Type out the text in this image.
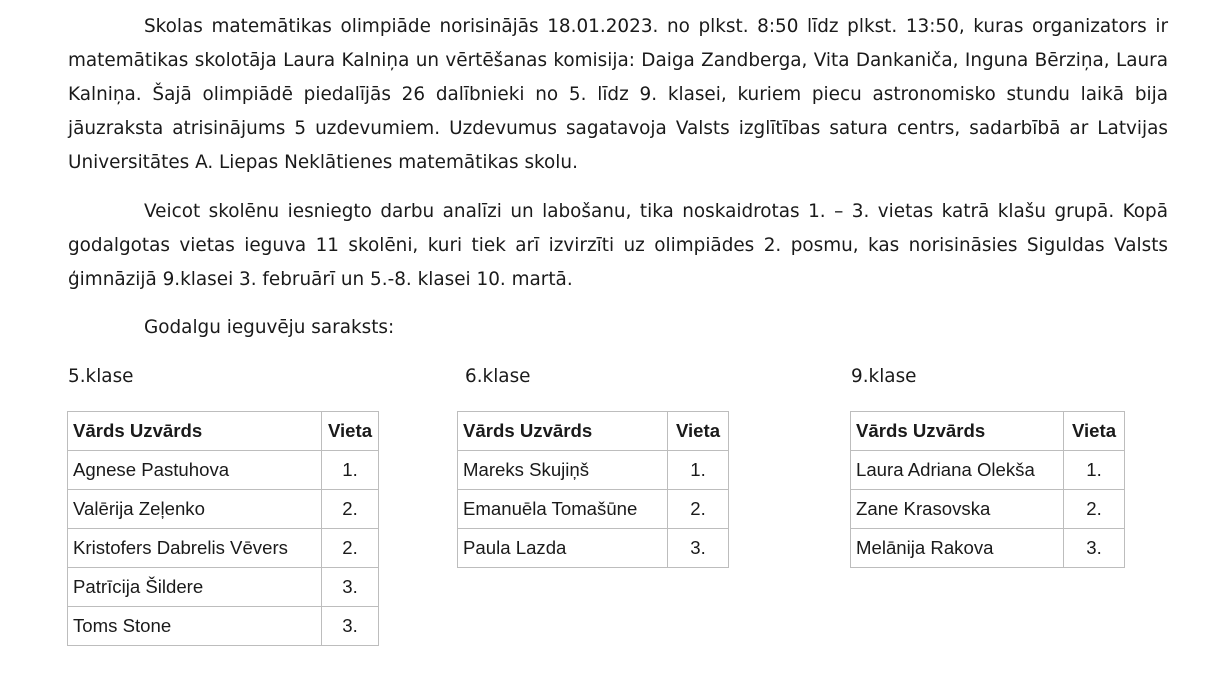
Skolas matemātikas olimpiāde norisinājās 18.01.2023. no plkst. 8:50 līdz plkst. 13:50, kuras organizators ir matemātikas skolotāja Laura Kalniņa un vērtēšanas komisija: Daiga Zandberga, Vita Dankaniča, Inguna Bērziņa, Laura Kalniņa. Šajā olimpiādē piedalījās 26 dalībnieki no 5. līdz 9. klasei, kuriem piecu astronomisko stundu laikā bija jāuzraksta atrisinājums 5 uzdevumiem. Uzdevumus sagatavoja Valsts izglītības satura centrs, sadarbībā ar Latvijas Universitātes A. Liepas Neklātienes matemātikas skolu.

Veicot skolēnu iesniegto darbu analīzi un labošanu, tika noskaidrotas 1. – 3. vietas katrā klašu grupā. Kopā godalgotas vietas ieguva 11 skolēni, kuri tiek arī izvirzīti uz olimpiādes 2. posmu, kas norisināsies Siguldas Valsts ģimnāzijā 9.klasei 3. februārī un 5.-8. klasei 10. martā.

Godalgu ieguvēju saraksts:
5.klase
Vārds Uzvārds	Vieta
Agnese Pastuhova	1.
Valērija Zeļenko	2.
Kristofers Dabrelis Vēvers	2.
Patrīcija Šildere	3.
Toms Stone	3.
6.klase
Vārds Uzvārds	Vieta
Mareks Skujiņš	1.
Emanuēla Tomašūne	2.
Paula Lazda	3.
9.klase
Vārds Uzvārds	Vieta
Laura Adriana Olekša	1.
Zane Krasovska	2.
Melānija Rakova	3.
